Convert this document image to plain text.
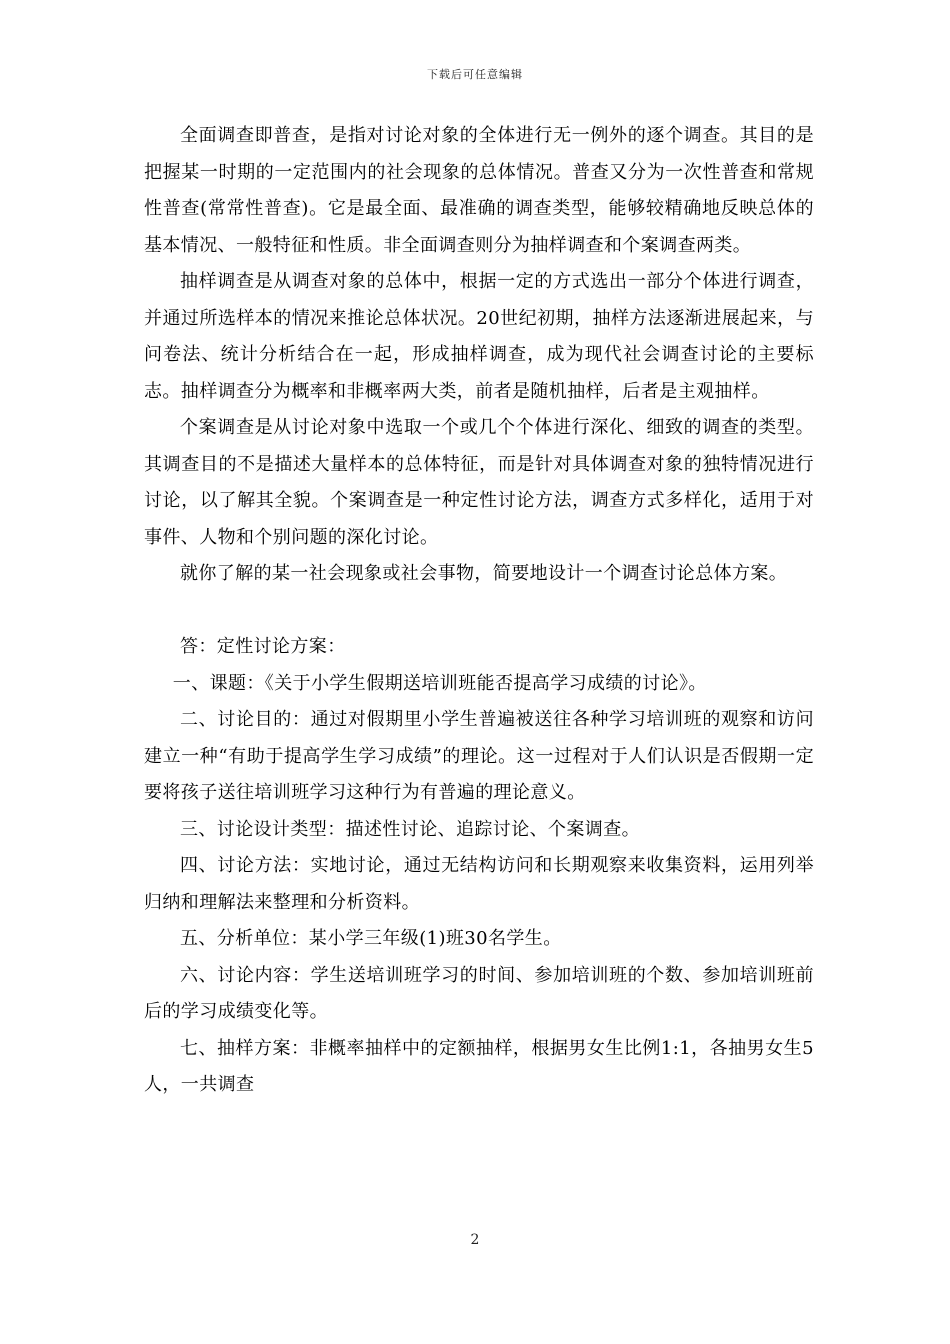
下载后可任意编辑

全面调查即普查，是指对讨论对象的全体进行无一例外的逐个调查。其目的是把握某一时期的一定范围内的社会现象的总体情况。普查又分为一次性普查和常规性普查(常常性普查)。它是最全面、最准确的调查类型，能够较精确地反映总体的基本情况、一般特征和性质。非全面调查则分为抽样调查和个案调查两类。

抽样调查是从调查对象的总体中，根据一定的方式选出一部分个体进行调查，并通过所选样本的情况来推论总体状况。20世纪初期，抽样方法逐渐进展起来，与问卷法、统计分析结合在一起，形成抽样调查，成为现代社会调查讨论的主要标志。抽样调查分为概率和非概率两大类，前者是随机抽样，后者是主观抽样。

个案调查是从讨论对象中选取一个或几个个体进行深化、细致的调查的类型。其调查目的不是描述大量样本的总体特征，而是针对具体调查对象的独特情况进行讨论，以了解其全貌。个案调查是一种定性讨论方法，调查方式多样化，适用于对事件、人物和个别问题的深化讨论。

就你了解的某一社会现象或社会事物，简要地设计一个调查讨论总体方案。

答：定性讨论方案：

一、课题：《关于小学生假期送培训班能否提高学习成绩的讨论》。

二、讨论目的：通过对假期里小学生普遍被送往各种学习培训班的观察和访问建立一种“有助于提高学生学习成绩”的理论。这一过程对于人们认识是否假期一定要将孩子送往培训班学习这种行为有普遍的理论意义。

三、讨论设计类型：描述性讨论、追踪讨论、个案调查。

四、讨论方法：实地讨论，通过无结构访问和长期观察来收集资料，运用列举归纳和理解法来整理和分析资料。

五、分析单位：某小学三年级(1)班30名学生。

六、讨论内容：学生送培训班学习的时间、参加培训班的个数、参加培训班前后的学习成绩变化等。

七、抽样方案：非概率抽样中的定额抽样，根据男女生比例1:1，各抽男女生5人，一共调查

2
